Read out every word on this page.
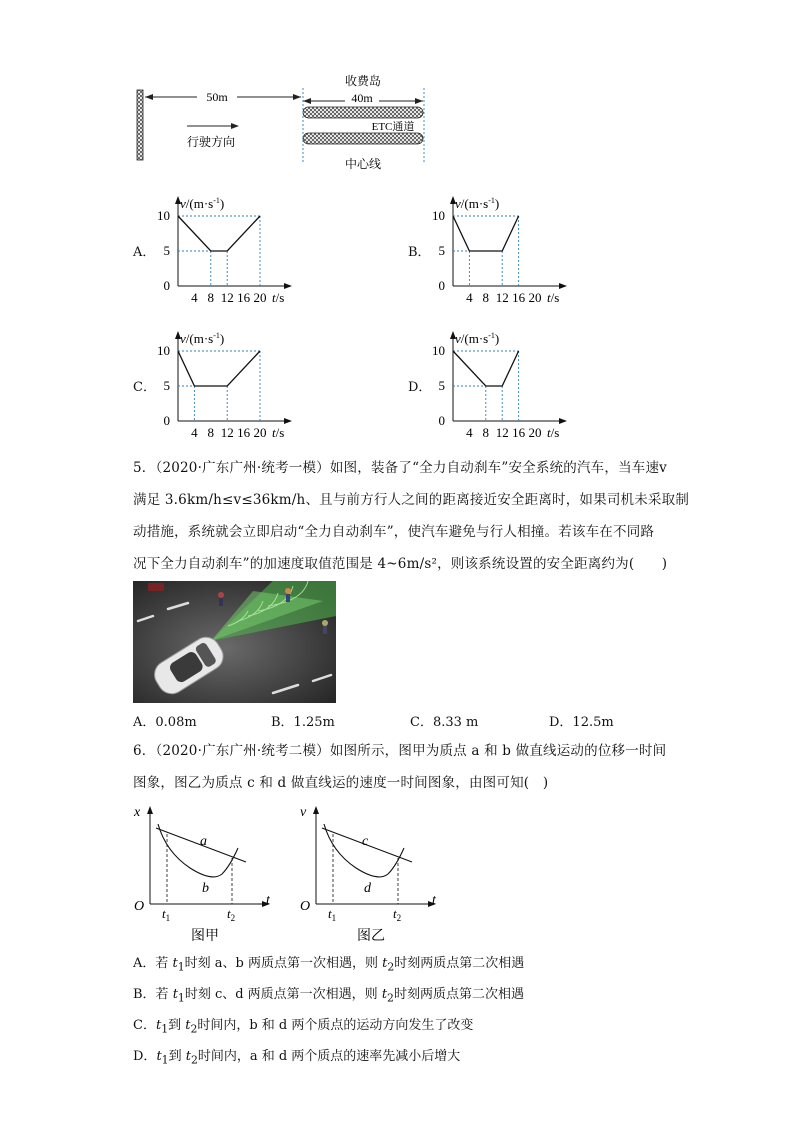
50m
收费岛
40m
行驶方向
ETC通道
中心线
A．
$v/(m\cdot s^{-1})$
0
5
10
4 8 12 16 20 t/s
B．
$v/(m\cdot s^{-1})$
0
5
10
4 8 12 16 20 t/s
C．
$v/(m\cdot s^{-1})$
0
5
10
4 8 12 16 20 t/s
D．
$v/(m\cdot s^{-1})$
0
5
10
4 8 12 16 20 t/s
5．（2020·广东广州·统考一模）如图，装备了“全力自动刹车”安全系统的汽车，当车速v
满足 3.6km/h≤v≤36km/h、且与前方行人之间的距离接近安全距离时，如果司机未采取制
动措施，系统就会立即启动“全力自动刹车”，使汽车避免与行人相撞。若该车在不同路
况下全力自动刹车”的加速度取值范围是 4~6m/s²，则该系统设置的安全距离约为(　　)
A．0.08m	B．1.25m	C．8.33 m	D．12.5m
6．（2020·广东广州·统考二模）如图所示，图甲为质点 a 和 b 做直线运动的位移一时间
图象，图乙为质点 c 和 d 做直线运的速度一时间图象，由图可知(　)
x
O	t
a
b
$t_1$	$t_2$
图甲
v
O	t
c
d
$t_1$	$t_2$
图乙
A．若 $t_1$时刻 a、b 两质点第一次相遇，则 $t_2$时刻两质点第二次相遇
B．若 $t_1$时刻 c、d 两质点第一次相遇，则 $t_2$时刻两质点第二次相遇
C．$t_1$到 $t_2$时间内，b 和 d 两个质点的运动方向发生了改变
D．$t_1$到 $t_2$时间内，a 和 d 两个质点的速率先减小后增大
